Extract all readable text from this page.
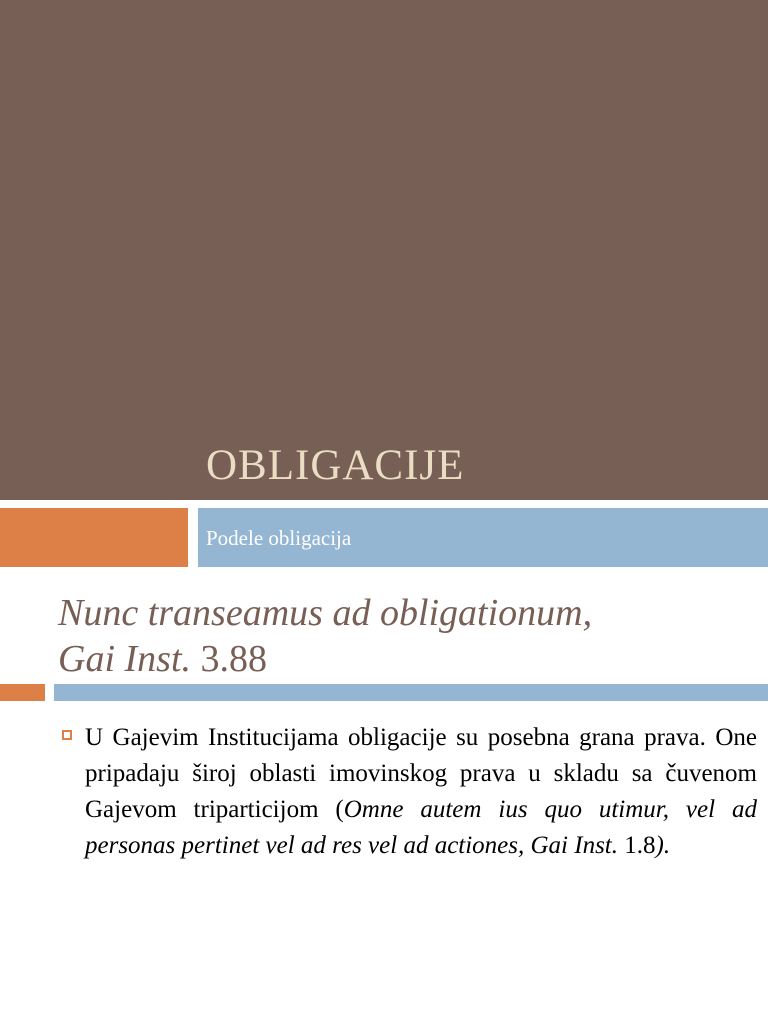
OBLIGACIJE
Podele obligacija
Nunc transeamus ad obligationum,
Gai Inst. 3.88

U Gajevim Institucijama obligacije su posebna grana prava. One pripadaju široj oblasti imovinskog prava u skladu sa čuvenom Gajevom triparticijom (Omne autem ius quo utimur, vel ad personas pertinet vel ad res vel ad actiones, Gai Inst. 1.8).
